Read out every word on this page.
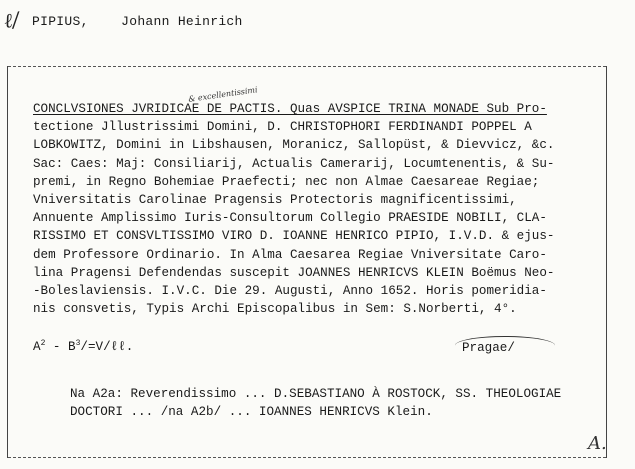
ℓ/ PIPIUS,    Johann Heinrich
& excellentissimi
CONCLVSIONES JVRIDICAE DE PACTIS. Quas AVSPICE TRINA MONADE Sub Pro-
tectione Jllustrissimi Domini, D. CHRISTOPHORI FERDINANDI POPPEL A
LOBKOWITZ, Domini in Libshausen, Moranicz, Sallopüst, & Dievvicz, &c.
Sac: Caes: Maj: Consiliarij, Actualis Camerarij, Locumtenentis, & Su-
premi, in Regno Bohemiae Praefecti; nec non Almae Caesareae Regiae;
Vniversitatis Carolinae Pragensis Protectoris magnificentissimi,
Annuente Amplissimo Iuris-Consultorum Collegio PRAESIDE NOBILI, CLA-
RISSIMO ET CONSVLTISSIMO VIRO D. IOANNE HENRICO PIPIO, I.V.D. & ejus-
dem Professore Ordinario. In Alma Caesarea Regiae Vniversitate Caro-
lina Pragensi Defendendas suscepit JOANNES HENRICVS KLEIN Boëmus Neo-
-Boleslaviensis. I.V.C. Die 29. Augusti, Anno 1652. Horis pomeridia-
nis consvetis, Typis Archi Episcopalibus in Sem: S.Norberti, 4°.
$A^2$ - $B^3/=V/\ell\ell$.	Pragae/
Na A2a: Reverendissimo ... D.SEBASTIANO À ROSTOCK, SS. THEOLOGIAE
DOCTORI ... /na A2b/ ... IOANNES HENRICVS Klein.
A.
